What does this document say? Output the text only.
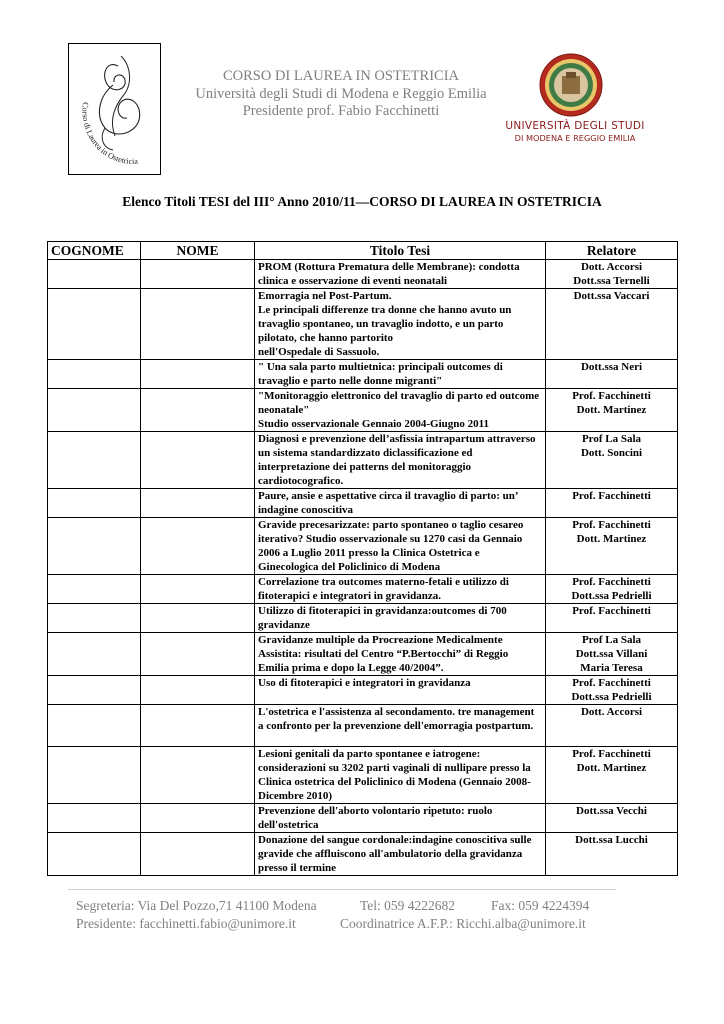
Corso di Laurea in Ostetricia
CORSO DI LAUREA IN OSTETRICIA
Università degli Studi di Modena e Reggio Emilia
Presidente prof. Fabio Facchinetti
UNIVERSITÀ DEGLI STUDI
DI MODENA E REGGIO EMILIA
Elenco Titoli TESI del III° Anno 2010/11—CORSO DI LAUREA IN OSTETRICIA
COGNOME	NOME	Titolo Tesi	Relatore
		PROM (Rottura Prematura delle Membrane): condotta clinica e osservazione di eventi neonatali	Dott. Accorsi
Dott.ssa Ternelli
		Emorragia nel Post-Partum.
Le principali differenze tra donne che hanno avuto un travaglio spontaneo, un travaglio indotto, e un parto pilotato, che hanno partorito
nell'Ospedale di Sassuolo.	Dott.ssa Vaccari
		" Una sala parto multietnica: principali outcomes di travaglio e parto nelle donne migranti"	Dott.ssa Neri
		"Monitoraggio elettronico del travaglio di parto ed outcome neonatale"
Studio osservazionale Gennaio 2004-Giugno 2011	Prof. Facchinetti
Dott. Martinez
		Diagnosi e prevenzione dell’asfissia intrapartum attraverso un sistema standardizzato diclassificazione ed interpretazione dei patterns del monitoraggio cardiotocografico.	Prof La Sala
Dott. Soncini
		Paure, ansie e aspettative circa il travaglio di parto: un’ indagine conoscitiva	Prof. Facchinetti
		Gravide precesarizzate: parto spontaneo o taglio cesareo iterativo? Studio osservazionale su 1270 casi da Gennaio 2006 a Luglio 2011 presso la Clinica Ostetrica e Ginecologica del Policlinico di Modena	Prof. Facchinetti
Dott. Martinez
		Correlazione tra outcomes materno-fetali e utilizzo di fitoterapici e integratori in gravidanza.	Prof. Facchinetti
Dott.ssa Pedrielli
		Utilizzo di fitoterapici in gravidanza:outcomes di 700 gravidanze	Prof. Facchinetti
		Gravidanze multiple da Procreazione Medicalmente Assistita: risultati del Centro “P.Bertocchi” di Reggio Emilia prima e dopo la Legge 40/2004”.	Prof La Sala
Dott.ssa Villani
Maria Teresa
		Uso di fitoterapici e integratori in gravidanza	Prof. Facchinetti
Dott.ssa Pedrielli
		L'ostetrica e l'assistenza al secondamento. tre management a confronto per la prevenzione dell'emorragia postpartum.	Dott. Accorsi
		Lesioni genitali da parto spontanee e iatrogene: considerazioni su 3202 parti vaginali di nullipare presso la Clinica ostetrica del Policlinico di Modena (Gennaio 2008-Dicembre 2010)	Prof. Facchinetti
Dott. Martinez
		Prevenzione dell'aborto volontario ripetuto: ruolo dell'ostetrica	Dott.ssa Vecchi
		Donazione del sangue cordonale:indagine conoscitiva sulle gravide che affluiscono all'ambulatorio della gravidanza presso il termine	Dott.ssa Lucchi
Segreteria: Via Del Pozzo,71 41100 Modena	Tel: 059 4222682	Fax: 059 4224394
Presidente: facchinetti.fabio@unimore.it	Coordinatrice A.F.P.: Ricchi.alba@unimore.it
